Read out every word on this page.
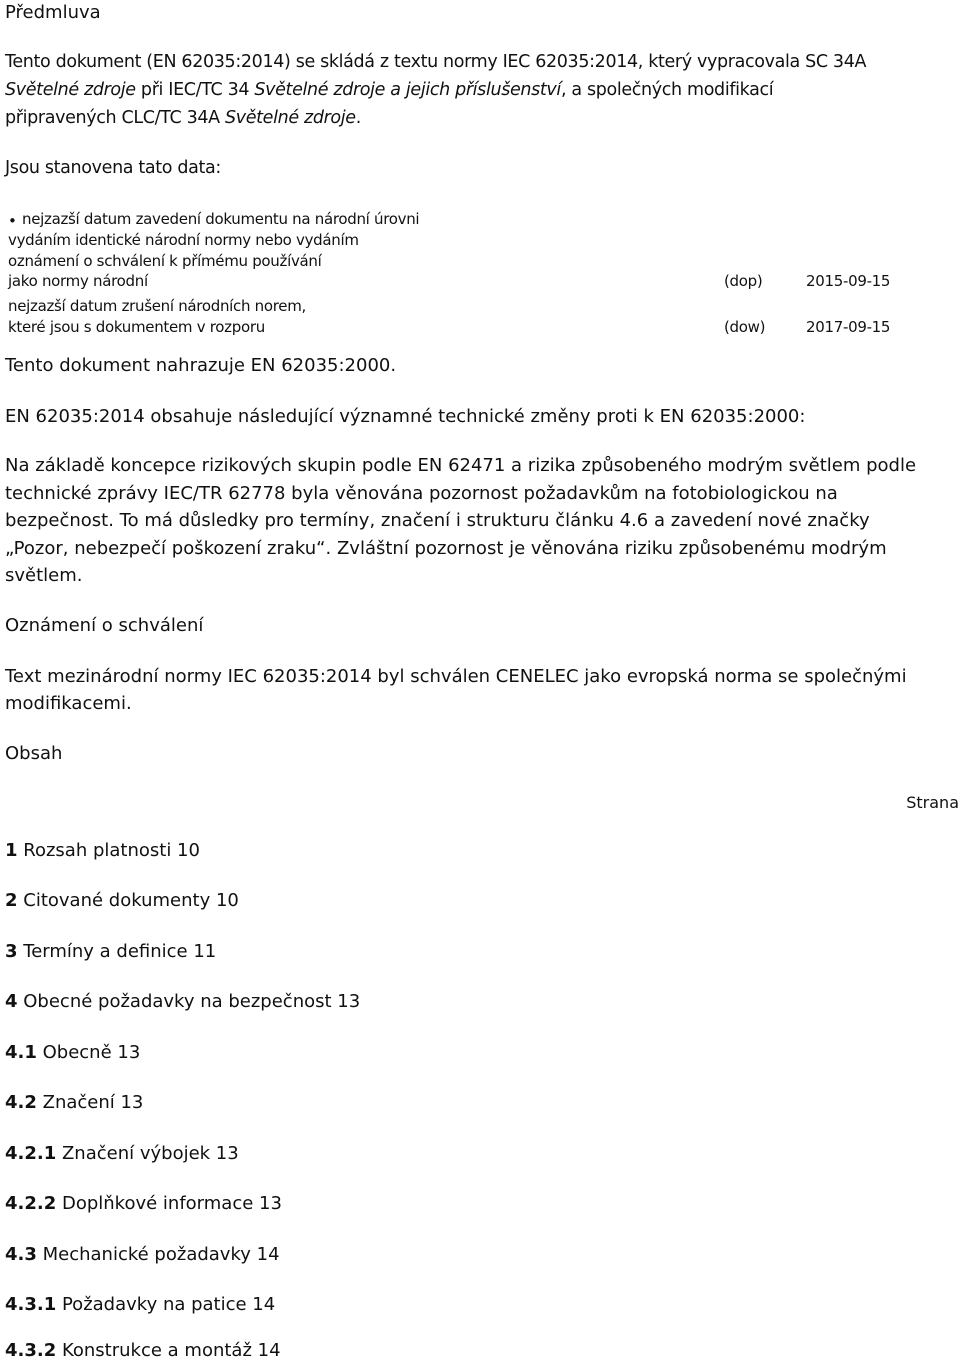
Předmluva
Tento dokument (EN 62035:2014) se skládá z textu normy IEC 62035:2014, který vypracovala SC 34A
Světelné zdroje při IEC/TC 34 Světelné zdroje a jejich příslušenství, a společných modifikací
připravených CLC/TC 34A Světelné zdroje.
Jsou stanovena tato data:
• nejzazší datum zavedení dokumentu na národní úrovni
vydáním identické národní normy nebo vydáním
oznámení o schválení k přímému používání
jako normy národní	(dop)	2015-09-15
nejzazší datum zrušení národních norem,
které jsou s dokumentem v rozporu	(dow)	2017-09-15
Tento dokument nahrazuje EN 62035:2000.
EN 62035:2014 obsahuje následující významné technické změny proti k EN 62035:2000:
Na základě koncepce rizikových skupin podle EN 62471 a rizika způsobeného modrým světlem podle
technické zprávy IEC/TR 62778 byla věnována pozornost požadavkům na fotobiologickou na
bezpečnost. To má důsledky pro termíny, značení i strukturu článku 4.6 a zavedení nové značky
„Pozor, nebezpečí poškození zraku“. Zvláštní pozornost je věnována riziku způsobenému modrým
světlem.
Oznámení o schválení
Text mezinárodní normy IEC 62035:2014 byl schválen CENELEC jako evropská norma se společnými
modifikacemi.
Obsah
Strana
1 Rozsah platnosti 10
2 Citované dokumenty 10
3 Termíny a definice 11
4 Obecné požadavky na bezpečnost 13
4.1 Obecně 13
4.2 Značení 13
4.2.1 Značení výbojek 13
4.2.2 Doplňkové informace 13
4.3 Mechanické požadavky 14
4.3.1 Požadavky na patice 14
4.3.2 Konstrukce a montáž 14
